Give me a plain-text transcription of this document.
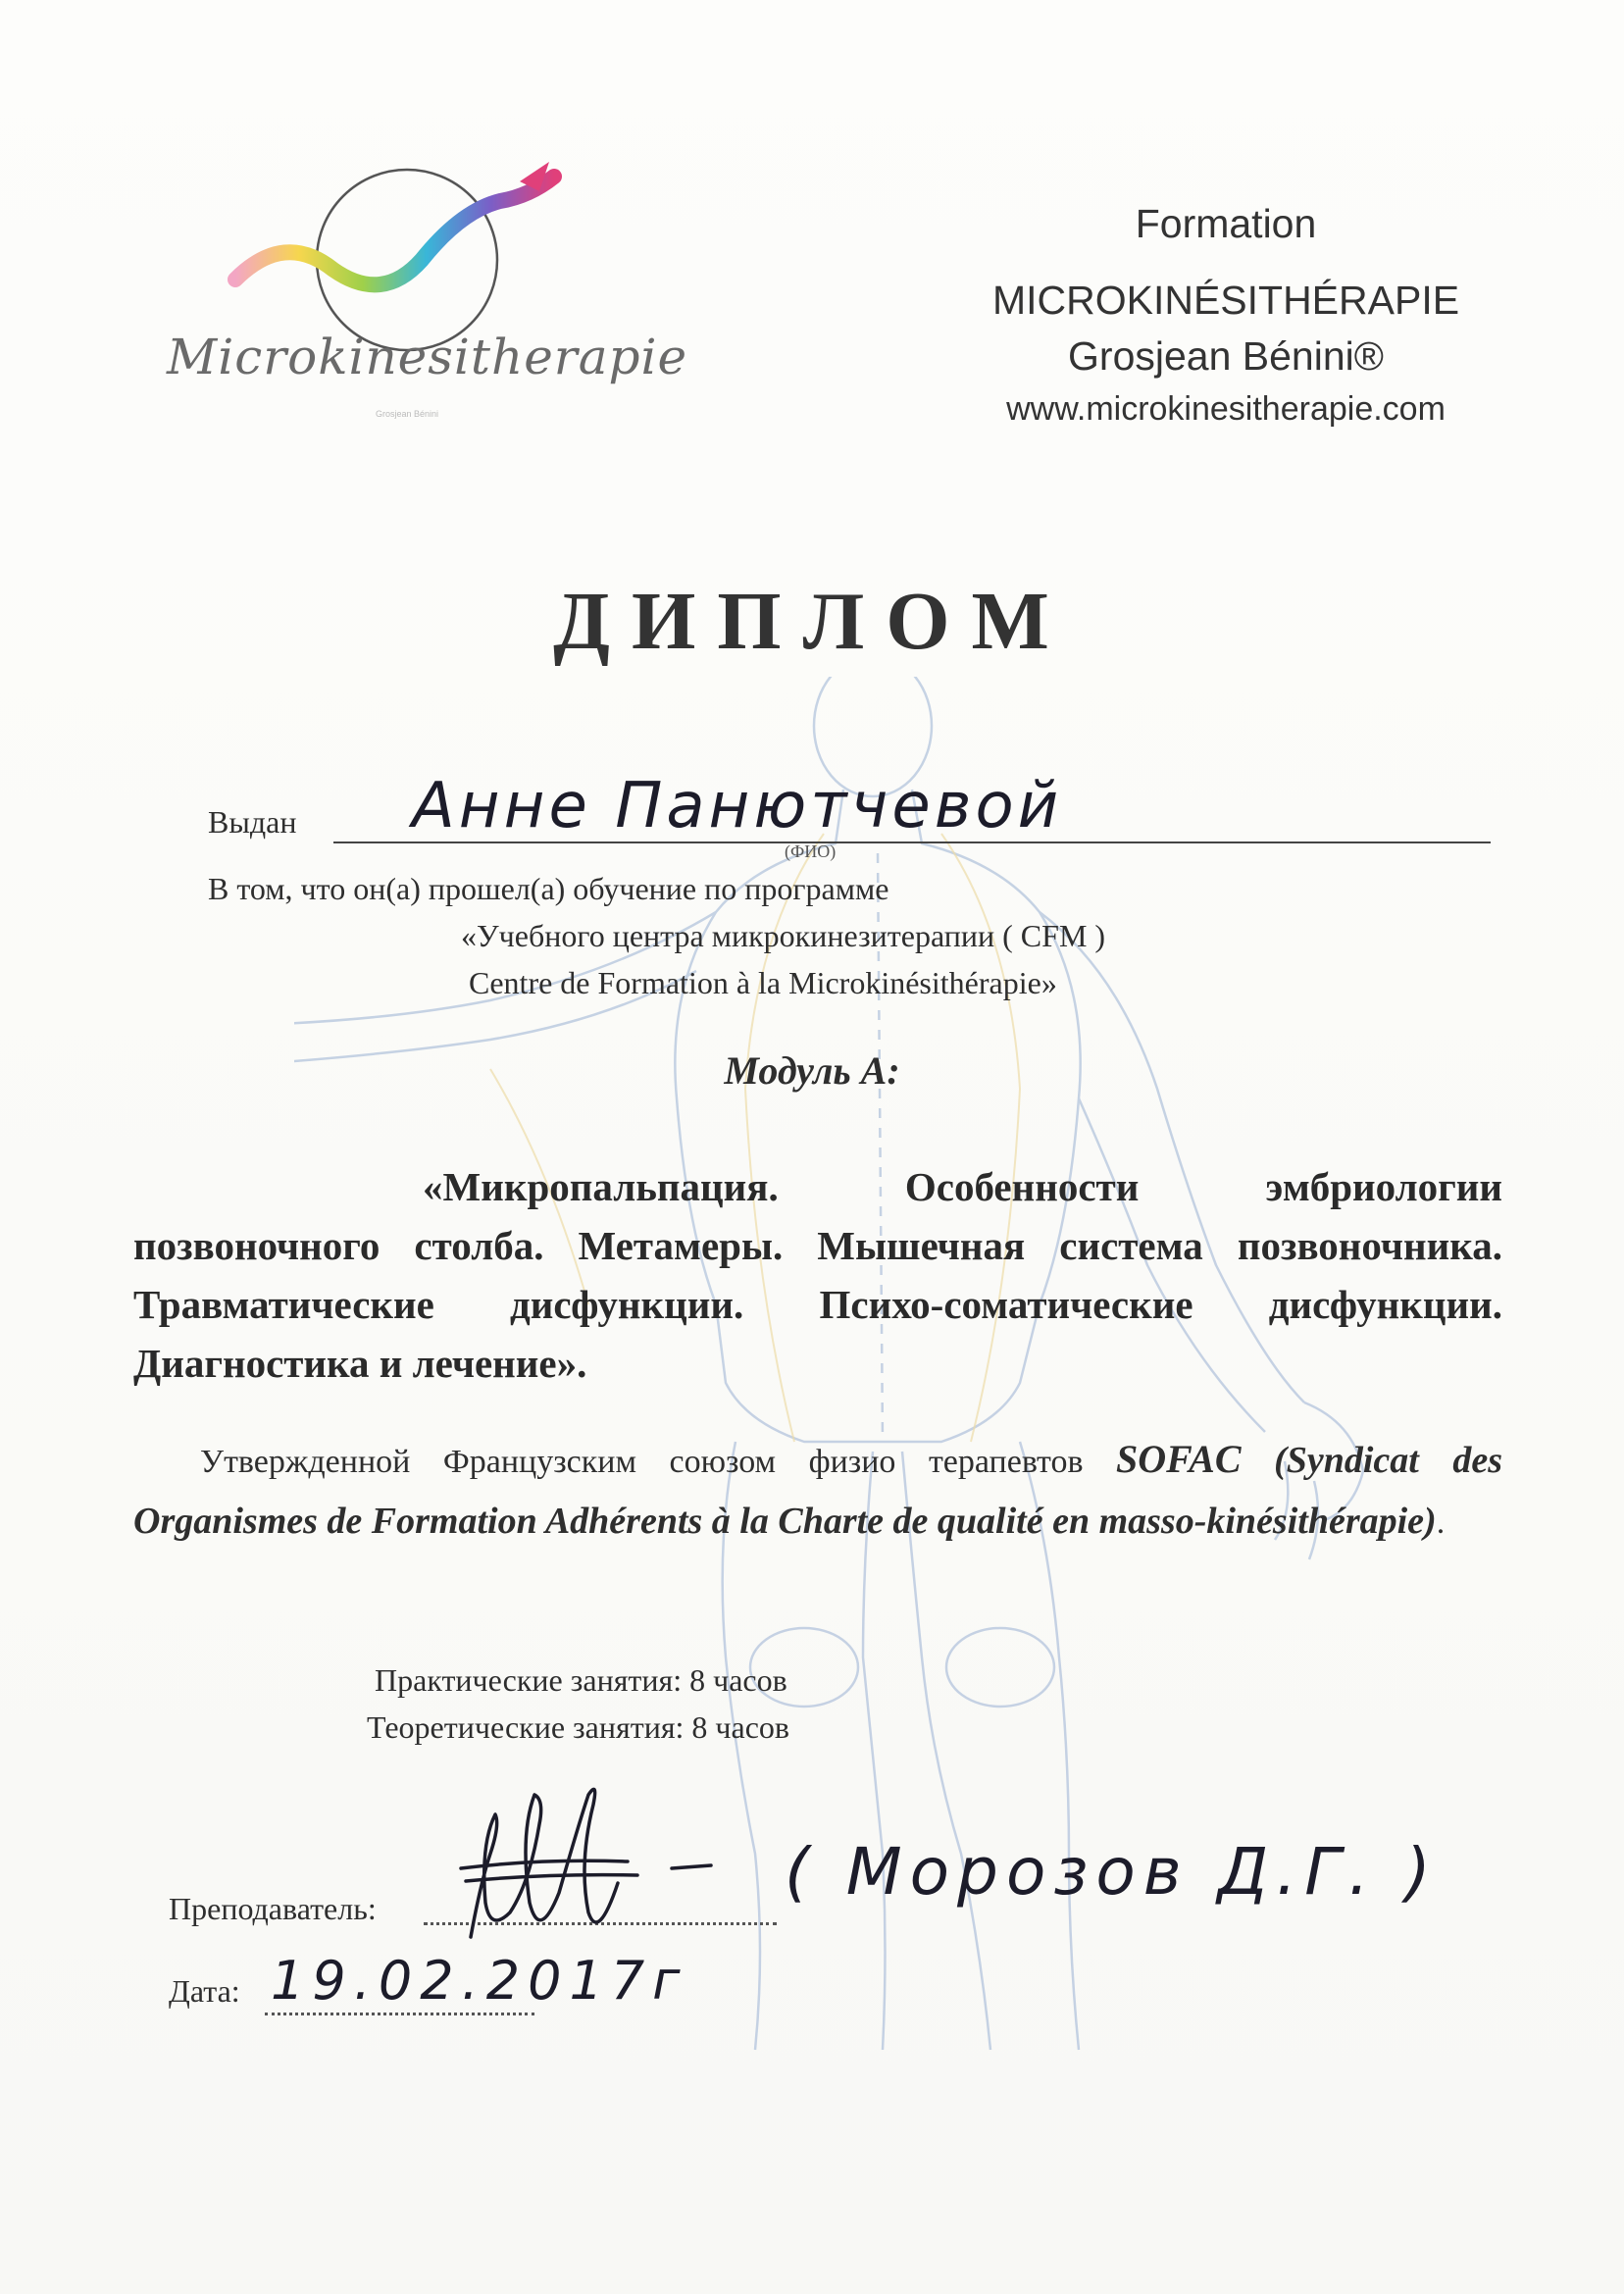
Microkinesitherapie
Grosjean Bénini
Formation
MICROKINÉSITHÉRAPIE
Grosjean Bénini®
www.microkinesitherapie.com
ДИПЛОМ
Выдан Анне Панютчевой
(ФИО)
В том, что он(а) прошел(а) обучение по программе
«Учебного центра микрокинезитерапии ( CFM )
Centre de Formation à la Microkinésithérapie»
Модуль А:
«Микропальпация. Особенности эмбриологии позвоночного столба. Метамеры. Мышечная система позвоночника. Травматические дисфункции. Психо-соматические дисфункции. Диагностика и лечение».
Утвержденной Французским союзом физио терапевтов SOFAC (Syndicat des Organismes de Formation Adhérents à la Charte de qualité en masso-kinésithérapie).
Практические занятия: 8 часов
Теоретические занятия: 8 часов
Преподаватель:	( Морозов Д.Г. )
Дата: 19.02.2017г
